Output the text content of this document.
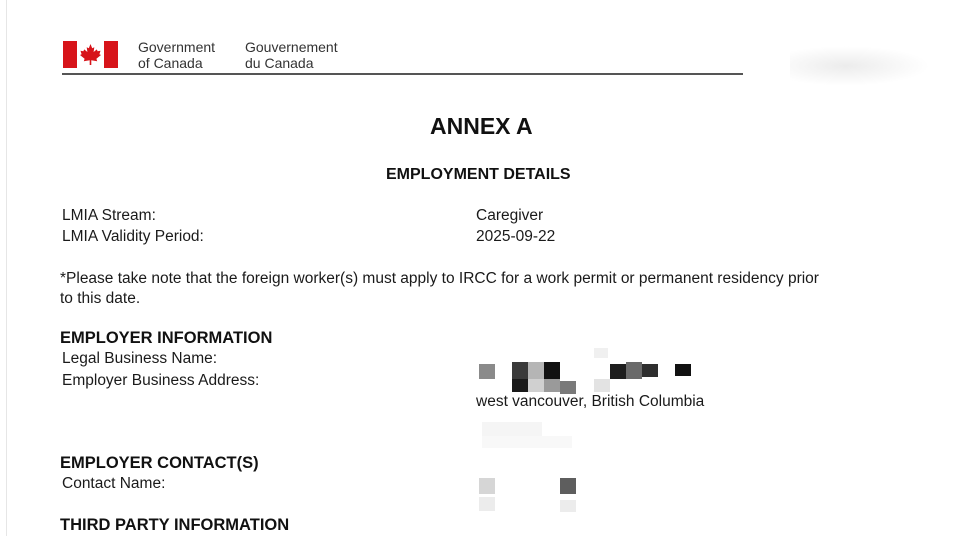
Government
of Canada
Gouvernement
du Canada
ANNEX A
EMPLOYMENT DETAILS
LMIA Stream:	Caregiver
LMIA Validity Period:	2025-09-22
*Please take note that the foreign worker(s) must apply to IRCC for a work permit or permanent residency prior
to this date.
EMPLOYER INFORMATION
Legal Business Name:
Employer Business Address:
west vancouver, British Columbia
EMPLOYER CONTACT(S)
Contact Name:
THIRD PARTY INFORMATION
